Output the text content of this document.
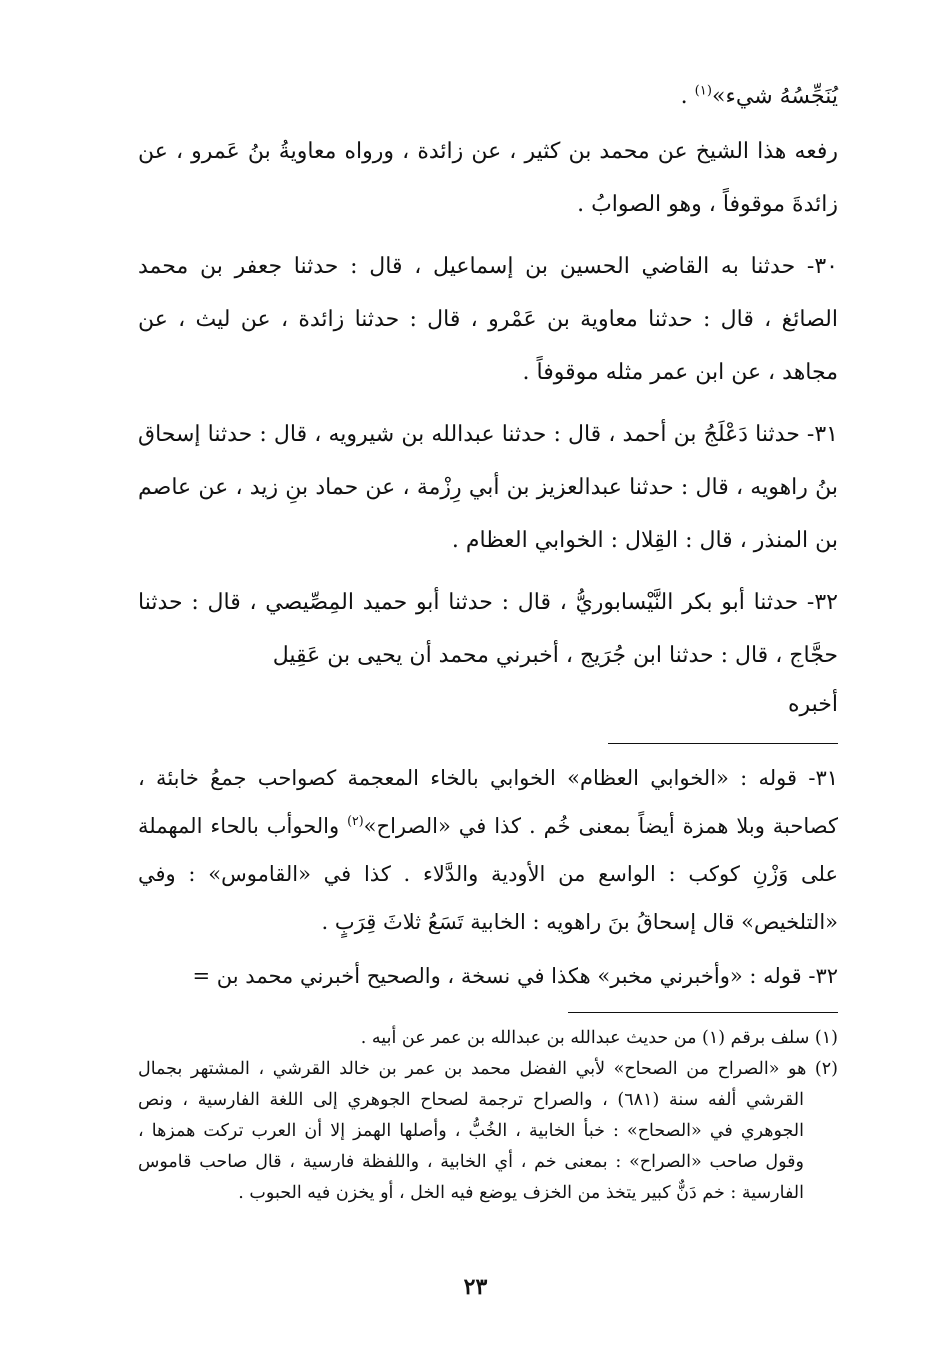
يُنَجِّسُهُ شيء»$^{(١)}$ .

رفعه هذا الشيخ عن محمد بن كثير ، عن زائدة ، ورواه معاويةُ بنُ عَمرو ، عن زائدةَ موقوفاً ، وهو الصوابُ .

٣٠- حدثنا به القاضي الحسين بن إسماعيل ، قال : حدثنا جعفر بن محمد الصائغ ، قال : حدثنا معاوية بن عَمْرو ، قال : حدثنا زائدة ، عن ليث ، عن مجاهد ، عن ابن عمر مثله موقوفاً .

٣١- حدثنا دَعْلَجُ بن أحمد ، قال : حدثنا عبدالله بن شيرويه ، قال : حدثنا إسحاق بنُ راهويه ، قال : حدثنا عبدالعزيز بن أبي رِزْمة ، عن حماد بنِ زيد ، عن عاصم بن المنذر ، قال : القِلال : الخوابي العظام .

٣٢- حدثنا أبو بكر النَّيْسابوريُّ ، قال : حدثنا أبو حميد المِصِّيصي ، قال : حدثنا حجَّاج ، قال : حدثنا ابن جُرَيج ، أخبرني محمد أن يحيى بن عَقِيل

أخبره

٣١- قوله : «الخوابي العظام» الخوابي بالخاء المعجمة كصواحب جمعُ خابئة ، كصاحبة وبلا همزة أيضاً بمعنى خُم . كذا في «الصراح»$^{(٢)}$ والحوأب بالحاء المهملة على وَزْنِ كوكب : الواسع من الأودية والدَّلاء . كذا في «القاموس» : وفي «التلخيص» قال إسحاقُ بنَ راهويه : الخابية تَسَعُ ثلاثَ قِرَبٍ .

٣٢- قوله : «وأخبرني مخبر» هكذا في نسخة ، والصحيح أخبرني محمد بن =

(١) سلف برقم (١) من حديث عبدالله بن عبدالله بن عمر عن أبيه .

(٢) هو «الصراح من الصحاح» لأبي الفضل محمد بن عمر بن خالد القرشي ، المشتهر بجمال القرشي ألفه سنة (٦٨١) ، والصراح ترجمة لصحاح الجوهري إلى اللغة الفارسية ، ونص الجوهري في «الصحاح» : خبأ الخابية ، الخُبُّ ، وأصلها الهمز إلا أن العرب تركت همزها ، وقول صاحب «الصراح» : بمعنى خم ، أي الخابية ، واللفظة فارسية ، قال صاحب قاموس الفارسية : خم دَنٌّ كبير يتخذ من الخزف يوضع فيه الخل ، أو يخزن فيه الحبوب .

٢٣
